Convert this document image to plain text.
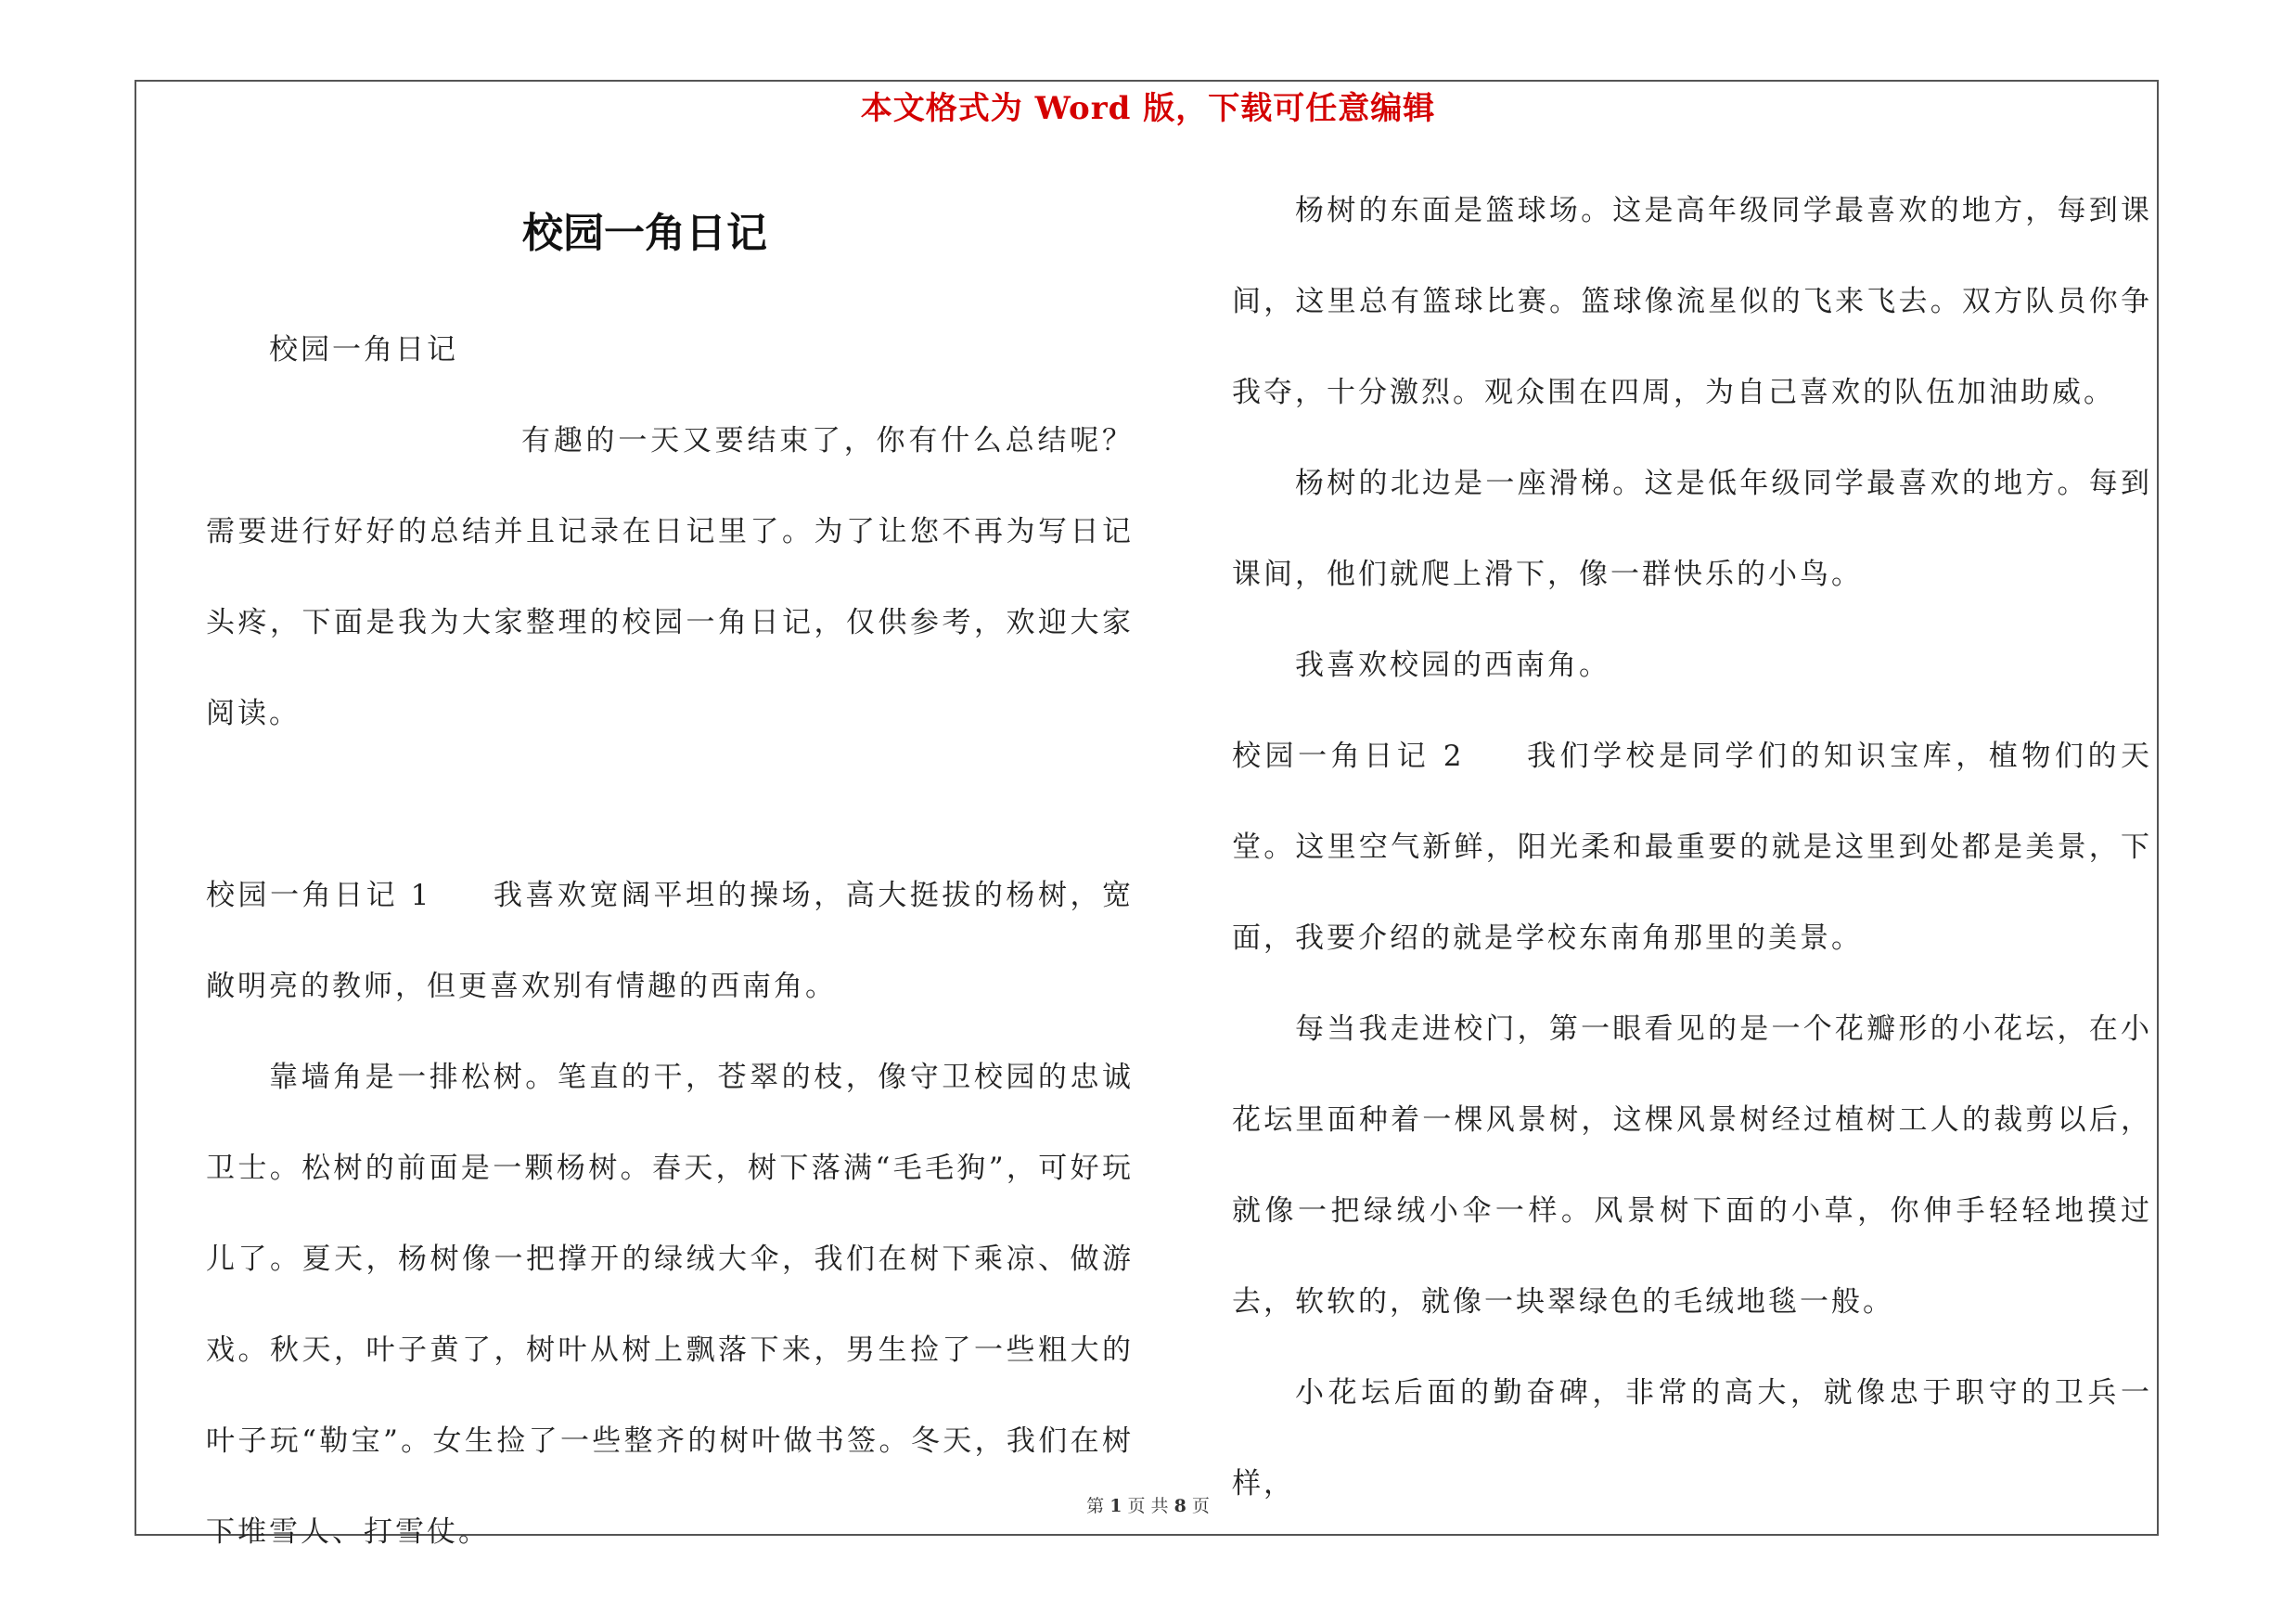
本文格式为 Word 版，下载可任意编辑
校园一角日记

校园一角日记

有趣的一天又要结束了，你有什么总结呢？需要进行好好的总结并且记录在日记里了。为了让您不再为写日记头疼，下面是我为大家整理的校园一角日记，仅供参考，欢迎大家阅读。

校园一角日记 1 我喜欢宽阔平坦的操场，高大挺拔的杨树，宽敞明亮的教师，但更喜欢别有情趣的西南角。

靠墙角是一排松树。笔直的干，苍翠的枝，像守卫校园的忠诚卫士。松树的前面是一颗杨树。春天，树下落满“毛毛狗”，可好玩儿了。夏天，杨树像一把撑开的绿绒大伞，我们在树下乘凉、做游戏。秋天，叶子黄了，树叶从树上飘落下来，男生捡了一些粗大的叶子玩“勒宝”。女生捡了一些整齐的树叶做书签。冬天，我们在树下堆雪人、打雪仗。

杨树的东面是篮球场。这是高年级同学最喜欢的地方，每到课间，这里总有篮球比赛。篮球像流星似的飞来飞去。双方队员你争我夺，十分激烈。观众围在四周，为自己喜欢的队伍加油助威。

杨树的北边是一座滑梯。这是低年级同学最喜欢的地方。每到课间，他们就爬上滑下，像一群快乐的小鸟。

我喜欢校园的西南角。

校园一角日记 2 我们学校是同学们的知识宝库，植物们的天堂。这里空气新鲜，阳光柔和最重要的就是这里到处都是美景，下面，我要介绍的就是学校东南角那里的美景。

每当我走进校门，第一眼看见的是一个花瓣形的小花坛，在小花坛里面种着一棵风景树，这棵风景树经过植树工人的裁剪以后，就像一把绿绒小伞一样。风景树下面的小草，你伸手轻轻地摸过去，软软的，就像一块翠绿色的毛绒地毯一般。

小花坛后面的勤奋碑，非常的高大，就像忠于职守的卫兵一样，

第 1 页 共 8 页
